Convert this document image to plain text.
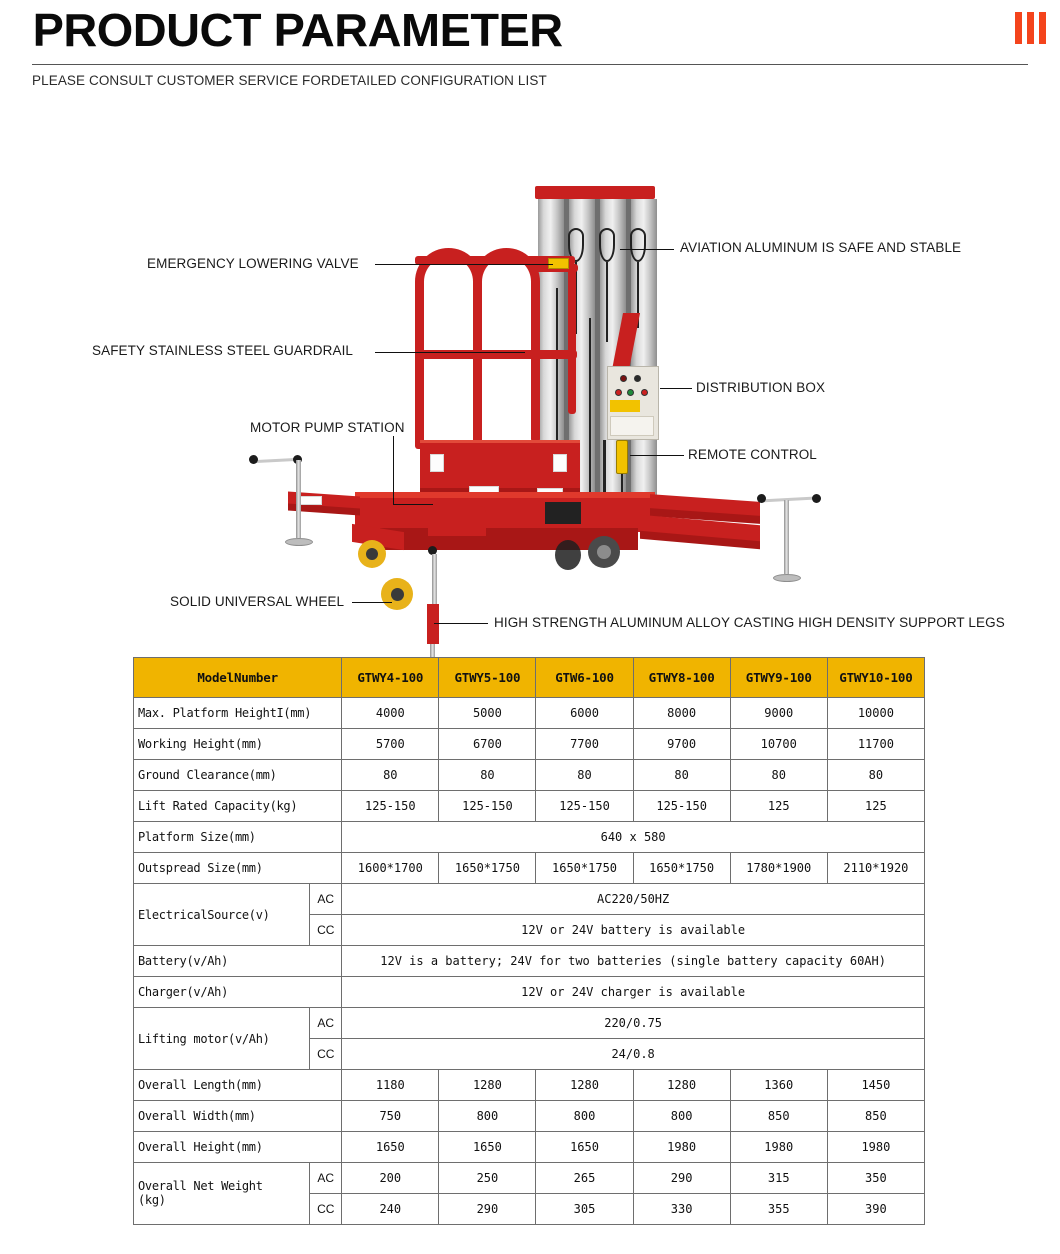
PRODUCT PARAMETER
PLEASE CONSULT CUSTOMER SERVICE FORDETAILED CONFIGURATION LIST
EMERGENCY LOWERING VALVE
SAFETY STAINLESS STEEL GUARDRAIL
MOTOR PUMP STATION
SOLID UNIVERSAL WHEEL
AVIATION ALUMINUM IS SAFE AND STABLE
DISTRIBUTION BOX
REMOTE CONTROL
HIGH STRENGTH ALUMINUM ALLOY CASTING HIGH DENSITY SUPPORT LEGS
ModelNumber		GTWY4-100	GTWY5-100	GTW6-100	GTWY8-100	GTWY9-100	GTWY10-100
Max. Platform HeightI(mm)		4000	5000	6000	8000	9000	10000
Working Height(mm)		5700	6700	7700	9700	10700	11700
Ground Clearance(mm)		80	80	80	80	80	80
Lift Rated Capacity(kg)		125-150	125-150	125-150	125-150	125	125
Platform Size(mm)		640 x 580					
Outspread Size(mm)		1600*1700	1650*1750	1650*1750	1650*1750	1780*1900	2110*1920
ElectricalSource(v)	AC	AC220/50HZ					
	CC	12V or 24V battery is available					
Battery(v/Ah)		12V is a battery; 24V for two batteries (single battery capacity 60AH)					
Charger(v/Ah)		12V or 24V charger is available					
Lifting motor(v/Ah)	AC	220/0.75					
	CC	24/0.8					
Overall Length(mm)		1180	1280	1280	1280	1360	1450
Overall Width(mm)		750	800	800	800	850	850
Overall Height(mm)		1650	1650	1650	1980	1980	1980

Overall Net Weight
(kg)	AC	200	250	265	290	315	350
	CC	240	290	305	330	355	390
